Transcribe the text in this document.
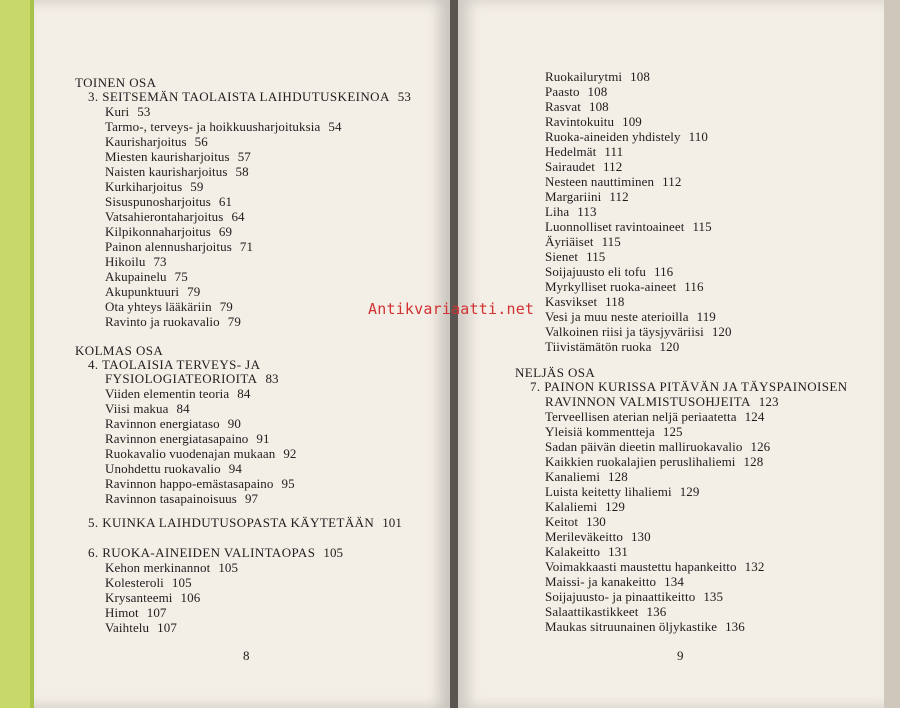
TOINEN OSA
3. SEITSEMÄN TAOLAISTA LAIHDUTUSKEINOA 53
Kuri 53
Tarmo-, terveys- ja hoikkuusharjoituksia 54
Kaurisharjoitus 56
Miesten kaurisharjoitus 57
Naisten kaurisharjoitus 58
Kurkiharjoitus 59
Sisuspunosharjoitus 61
Vatsahierontaharjoitus 64
Kilpikonnaharjoitus 69
Painon alennusharjoitus 71
Hikoilu 73
Akupainelu 75
Akupunktuuri 79
Ota yhteys lääkäriin 79
Ravinto ja ruokavalio 79
KOLMAS OSA
4. TAOLAISIA TERVEYS- JA
FYSIOLOGIATEORIOITA 83
Viiden elementin teoria 84
Viisi makua 84
Ravinnon energiataso 90
Ravinnon energiatasapaino 91
Ruokavalio vuodenajan mukaan 92
Unohdettu ruokavalio 94
Ravinnon happo-emästasapaino 95
Ravinnon tasapainoisuus 97
5. KUINKA LAIHDUTUSOPASTA KÄYTETÄÄN 101
6. RUOKA-AINEIDEN VALINTAOPAS 105
Kehon merkinannot 105
Kolesteroli 105
Krysanteemi 106
Himot 107
Vaihtelu 107
Ruokailurytmi 108
Paasto 108
Rasvat 108
Ravintokuitu 109
Ruoka-aineiden yhdistely 110
Hedelmät 111
Sairaudet 112
Nesteen nauttiminen 112
Margariini 112
Liha 113
Luonnolliset ravintoaineet 115
Äyriäiset 115
Sienet 115
Soijajuusto eli tofu 116
Myrkylliset ruoka-aineet 116
Kasvikset 118
Vesi ja muu neste aterioilla 119
Valkoinen riisi ja täysjyväriisi 120
Tiivistämätön ruoka 120
NELJÄS OSA
7. PAINON KURISSA PITÄVÄN JA TÄYSPAINOISEN
RAVINNON VALMISTUSOHJEITA 123
Terveellisen aterian neljä periaatetta 124
Yleisiä kommentteja 125
Sadan päivän dieetin malliruokavalio 126
Kaikkien ruokalajien peruslihaliemi 128
Kanaliemi 128
Luista keitetty lihaliemi 129
Kalaliemi 129
Keitot 130
Merileväkeitto 130
Kalakeitto 131
Voimakkaasti maustettu hapankeitto 132
Maissi- ja kanakeitto 134
Soijajuusto- ja pinaattikeitto 135
Salaattikastikkeet 136
Maukas sitruunainen öljykastike 136
8	9
Antikvariaatti.net
